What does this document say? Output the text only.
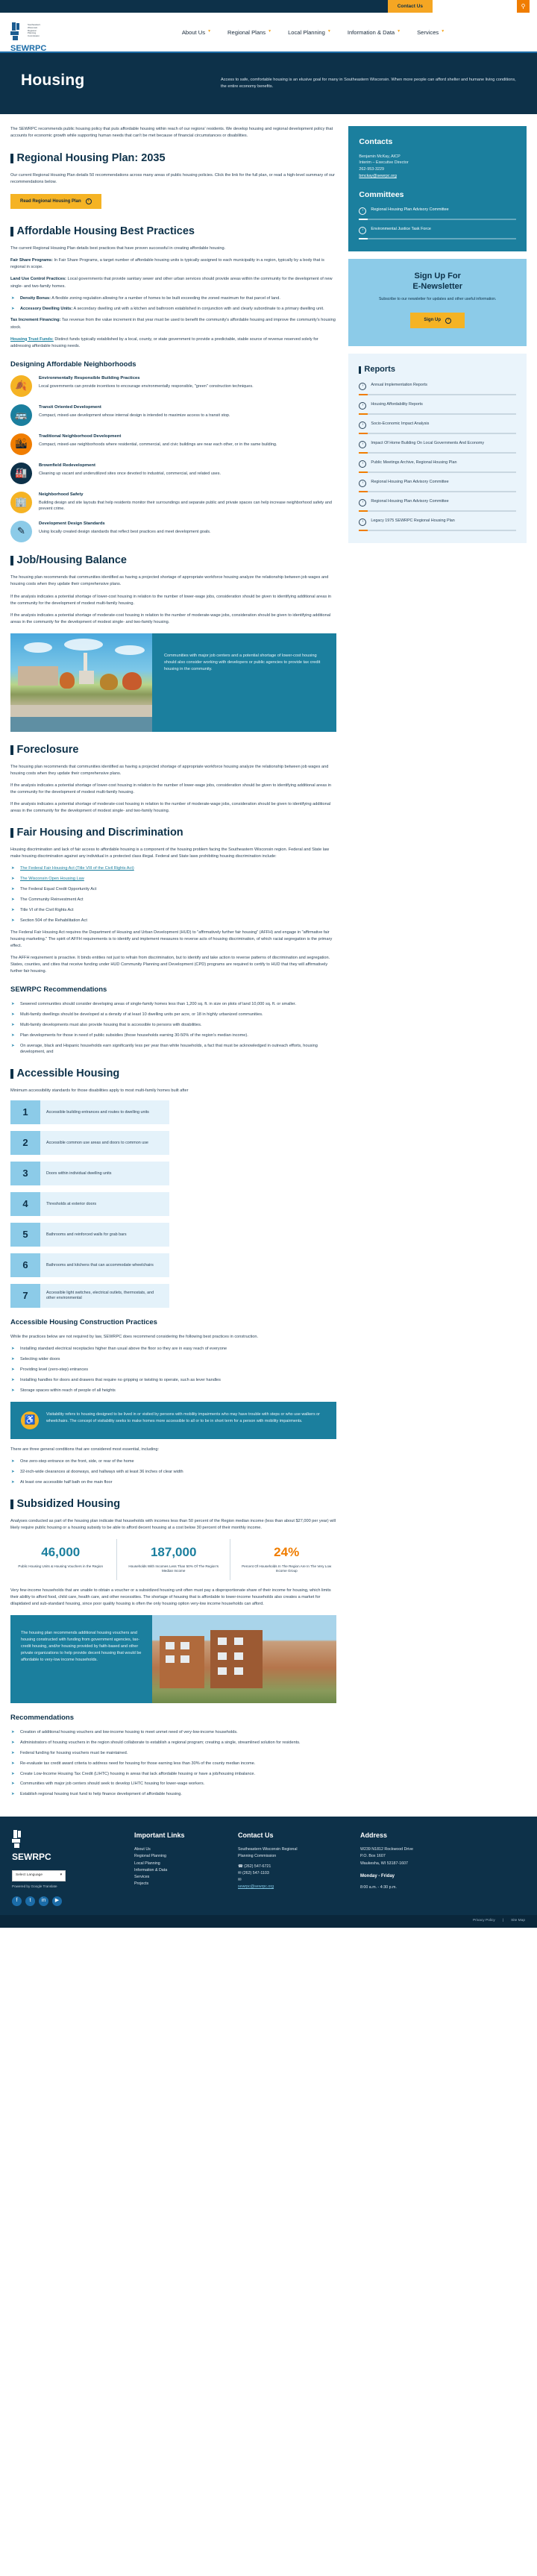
Contact Us	⚲
Southeastern
Wisconsin
Regional
Planning
Commission
About Us ▼	Regional Plans ▼	Local Planning ▼	Information & Data ▼	Services ▼
SEWRPC
Housing	Access to safe, comfortable housing is an elusive goal for many in Southeastern Wisconsin. When more people can afford shelter and humane living conditions, the entire economy benefits.

The SEWRPC recommends public housing policy that puts affordable housing within reach of our regions' residents. We develop housing and regional development policy that accounts for economic growth while supporting human needs that can't be met because of financial circumstances or disabilities.

Regional Housing Plan: 2035

Our current Regional Housing Plan details 50 recommendations across many areas of public housing policies. Click the link for the full plan, or read a high-level summary of our recommendations below.

Read Regional Housing Plan	›
Affordable Housing Best Practices

The current Regional Housing Plan details best practices that have proven successful in creating affordable housing.

Fair Share Programs: In Fair Share Programs, a target number of affordable housing units is typically assigned to each municipality in a region, typically by a body that is regional in scope.

Land Use Control Practices: Local governments that provide sanitary sewer and other urban services should provide areas within the community for the development of new single- and two-family homes.

➤ Density Bonus: A flexible zoning regulation allowing for a number of homes to be built exceeding the zoned maximum for that parcel of land.
➤ Accessory Dwelling Units: A secondary dwelling unit with a kitchen and bathroom established in conjunction with and clearly subordinate to a primary dwelling unit.

Tax Increment Financing: Tax revenue from the value increment in that year must be used to benefit the community's affordable housing and improve the community's housing stock.

Housing Trust Funds: Distinct funds typically established by a local, county, or state government to provide a predictable, stable source of revenue reserved solely for addressing affordable housing needs.

Designing Affordable Neighborhoods
🍂
Environmentally Responsible Building Practices
Local governments can provide incentives to encourage environmentally responsible, "green" construction techniques.
🚌
Transit Oriented Development
Compact, mixed-use development whose internal design is intended to maximize access to a transit stop.
🏙
Traditional Neighborhood Development
Compact, mixed-use neighborhoods where residential, commercial, and civic buildings are near each other, or in the same building.
🏭
Brownfield Redevelopment
Cleaning up vacant and underutilized sites once devoted to industrial, commercial, and related uses.
🏢
Neighborhood Safety
Building design and site layouts that help residents monitor their surroundings and separate public and private spaces can help increase neighborhood safety and prevent crime.
✎
Development Design Standards
Using locally created design standards that reflect best practices and meet development goals.
Job/Housing Balance

The housing plan recommends that communities identified as having a projected shortage of appropriate workforce housing analyze the relationship between job wages and housing costs when they update their comprehensive plans.

If the analysis indicates a potential shortage of lower-cost housing in relation to the number of lower-wage jobs, consideration should be given to identifying additional areas in the community for the development of modest multi-family housing.

If the analysis indicates a potential shortage of moderate-cost housing in relation to the number of moderate-wage jobs, consideration should be given to identifying additional areas in the community for the development of modest single- and two-family housing.

Communities with major job centers and a potential shortage of lower-cost housing should also consider working with developers or public agencies to provide tax credit housing in the community.
Foreclosure

The housing plan recommends that communities identified as having a projected shortage of appropriate workforce housing analyze the relationship between job wages and housing costs when they update their comprehensive plans.

If the analysis indicates a potential shortage of lower-cost housing in relation to the number of lower-wage jobs, consideration should be given to identifying additional areas in the community for the development of modest multi-family housing.

If the analysis indicates a potential shortage of moderate-cost housing in relation to the number of moderate-wage jobs, consideration should be given to identifying additional areas in the community for the development of modest single- and two-family housing.

Fair Housing and Discrimination

Housing discrimination and lack of fair access to affordable housing is a component of the housing problem facing the Southeastern Wisconsin region. Federal and State law make housing discrimination against any individual in a protected class illegal. Federal and State laws prohibiting housing discrimination include:

➤ The Federal Fair Housing Act (Title VIII of the Civil Rights Act)
➤ The Wisconsin Open Housing Law
➤ The Federal Equal Credit Opportunity Act
➤ The Community Reinvestment Act
➤ Title VI of the Civil Rights Act
➤ Section 504 of the Rehabilitation Act

The Federal Fair Housing Act requires the Department of Housing and Urban Development (HUD) to "affirmatively further fair housing" (AFFH) and engage in "affirmative fair housing marketing." The spirit of AFFH requirements is to identify and implement measures to reverse acts of housing discrimination, of which racial segregation is the primary effect.

The AFFH requirement is proactive. It binds entities not just to refrain from discrimination, but to identify and take action to reverse patterns of discrimination and segregation. States, counties, and cities that receive funding under HUD Community Planning and Development (CPD) programs are required to certify to HUD that they will affirmatively further fair housing.

SEWRPC Recommendations
➤ Sewered communities should consider developing areas of single-family homes less than 1,200 sq. ft. in size on plots of land 10,000 sq. ft. or smaller.
➤ Multi-family dwellings should be developed at a density of at least 10 dwelling units per acre, or 18 in highly urbanized communities.
➤ Multi-family developments must also provide housing that is accessible to persons with disabilities.
➤ Plan developments for those in need of public subsidies (those households earning 30-50% of the region's median income).
➤ On average, black and Hispanic households earn significantly less per year than white households, a fact that must be acknowledged in outreach efforts, housing development, and
Accessible Housing

Minimum accessibility standards for those disabilities apply to most multi-family homes built after

1	Accessible building entrances and routes to dwelling units
2	Accessible common use areas and doors to common use
3	Doors within individual dwelling units
4	Thresholds at exterior doors
5	Bathrooms and reinforced walls for grab bars
6	Bathrooms and kitchens that can accommodate wheelchairs
7	Accessible light switches, electrical outlets, thermostats, and other environmental
Accessible Housing Construction Practices

While the practices below are not required by law, SEWRPC does recommend considering the following best practices in construction.

➤ Installing standard electrical receptacles higher than usual above the floor so they are in easy reach of everyone
➤ Selecting wider doors
➤ Providing level (zero-step) entrances
➤ Installing handles for doors and drawers that require no gripping or twisting to operate, such as lever handles
➤ Storage spaces within reach of people of all heights
♿
Visitability refers to housing designed to be lived in or visited by persons with mobility impairments who may have trouble with steps or who use walkers or wheelchairs. The concept of visitability seeks to make homes more accessible to all or to be in short term for a person with mobility impairments.

There are three general conditions that are considered most essential, including:

➤ One zero-step entrance on the front, side, or rear of the home
➤ 32-inch-wide clearances at doorways, and hallways with at least 36 inches of clear width
➤ At least one accessible half bath on the main floor
Subsidized Housing

Analyses conducted as part of the housing plan indicate that households with incomes less than 50 percent of the Region median income (less than about $27,000 per year) will likely require public housing or a housing subsidy to be able to afford decent housing at a cost below 30 percent of their monthly income.

46,000
Public Housing Units & Housing Vouchers in the Region
187,000
Households With Incomes Less Than 50% Of The Region's Median Income
24%
Percent Of Households In The Region Are In The Very Low Income Group

Very few-income households that are unable to obtain a voucher or a subsidized housing unit often must pay a disproportionate share of their income for housing, which limits their ability to afford food, child care, health care, and other necessities. The shortage of housing that is affordable to lower-income households also creates a market for dilapidated and sub-standard housing, since poor quality housing is often the only housing option very-low income households can afford.

The housing plan recommends additional housing vouchers and housing constructed with funding from government agencies, tax-credit housing, and/or housing provided by faith-based and other private organizations to help provide decent housing that would be affordable to very-low income households.
Recommendations
➤ Creation of additional housing vouchers and low-income housing to meet unmet need of very-low-income households.
➤ Administrators of housing vouchers in the region should collaborate to establish a regional program; creating a single, streamlined solution for residents.
➤ Federal funding for housing vouchers must be maintained.
➤ Re-evaluate tax credit award criteria to address need for housing for those earning less than 30% of the county median income.
➤ Create Low-Income Housing Tax Credit (LIHTC) housing in areas that lack affordable housing or have a job/housing imbalance.
➤ Communities with major job centers should seek to develop LIHTC housing for lower-wage workers.
➤ Establish regional housing trust fund to help finance development of affordable housing.
Contacts
Benjamin McKay, AICP
Interim – Executive Director
262-953-3229
bmckay@sewrpc.org
Committees
›	Regional Housing Plan Advisory Committee
›	Environmental Justice Task Force
Sign Up For
E-Newsletter

Subscribe to our newsletter for updates and other useful information.

Sign Up	›
Reports
›	Annual Implementation Reports
›	Housing Affordability Reports
›	Socio-Economic Impact Analysis
›	Impact Of Home Building On Local Governments And Economy
›	Public Meetings Archive, Regional Housing Plan
›	Regional Housing Plan Advisory Committee
›	Regional Housing Plan Advisory Committee
›	Legacy 1975 SEWRPC Regional Housing Plan
SEWRPC
Select Language	▾
Powered by Google Translate
f	t	in	▶
Important Links
About Us
Regional Planning
Local Planning
Information & Data
Services
Projects
Contact Us
Southeastern Wisconsin Regional
Planning Commission
☎ (262) 547-6721
✉ (262) 547-1103
✉
sewrpc@sewrpc.org
Address
W239 N1812 Rockwood Drive
P.O. Box 1607
Waukesha, WI 53187-1607
Monday - Friday
8:00 a.m. - 4:30 p.m.
Privacy Policy | Site Map
